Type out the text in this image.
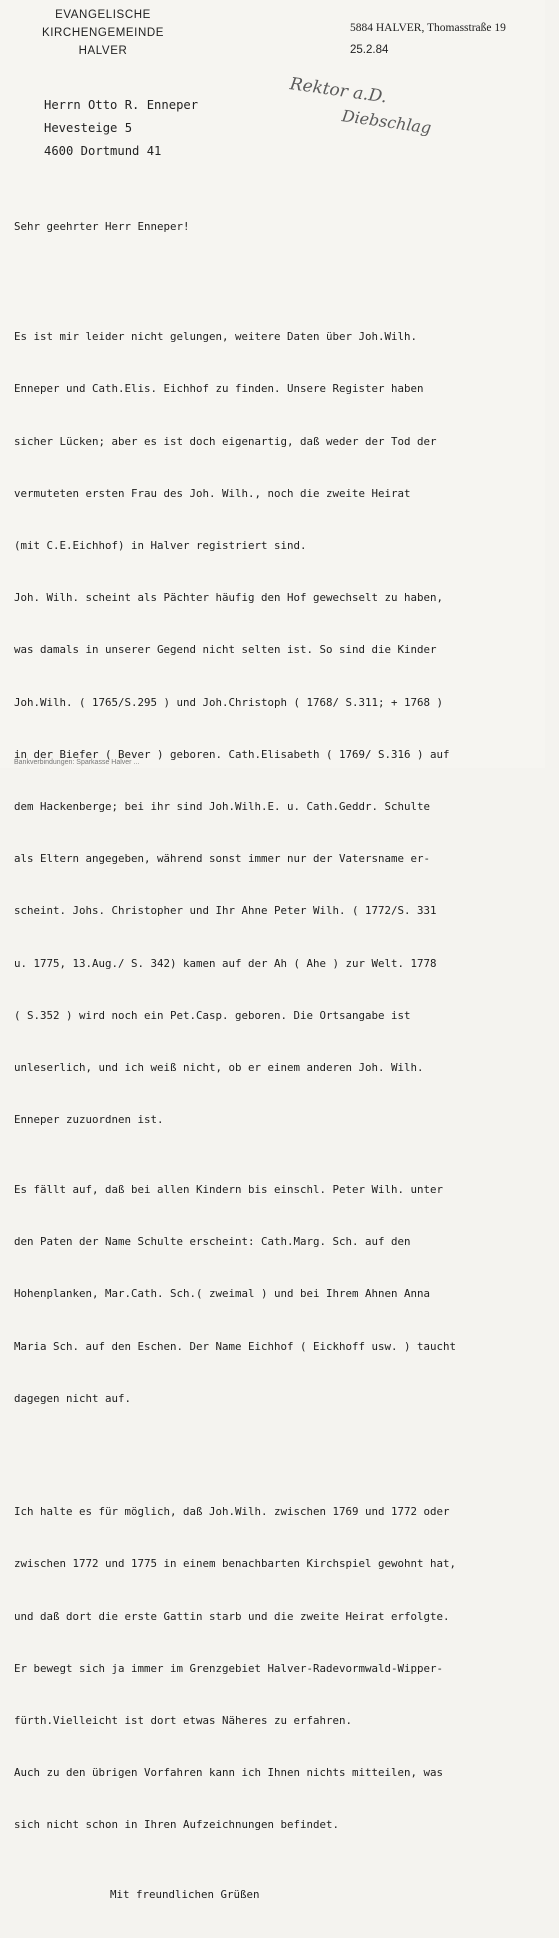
EVANGELISCHE
KIRCHENGEMEINDE
HALVER
5884 HALVER, Thomasstraße 19
25.2.84
Rektor a.D.
Diebschlag
Herrn Otto R. Enneper
Hevesteige 5
4600 Dortmund 41

Sehr geehrter Herr Enneper!

Es ist mir leider nicht gelungen, weitere Daten über Joh.Wilh.

Enneper und Cath.Elis. Eichhof zu finden. Unsere Register haben

sicher Lücken; aber es ist doch eigenartig, daß weder der Tod der

vermuteten ersten Frau des Joh. Wilh., noch die zweite Heirat

(mit C.E.Eichhof) in Halver registriert sind.

Joh. Wilh. scheint als Pächter häufig den Hof gewechselt zu haben,

was damals in unserer Gegend nicht selten ist. So sind die Kinder

Joh.Wilh. ( 1765/S.295 ) und Joh.Christoph ( 1768/ S.311; + 1768 )

in der Biefer ( Bever ) geboren. Cath.Elisabeth ( 1769/ S.316 ) auf

dem Hackenberge; bei ihr sind Joh.Wilh.E. u. Cath.Geddr. Schulte

als Eltern angegeben, während sonst immer nur der Vatersname er-

scheint. Johs. Christopher und Ihr Ahne Peter Wilh. ( 1772/S. 331

u. 1775, 13.Aug./ S. 342) kamen auf der Ah ( Ahe ) zur Welt. 1778

( S.352 ) wird noch ein Pet.Casp. geboren. Die Ortsangabe ist

unleserlich, und ich weiß nicht, ob er einem anderen Joh. Wilh.

Enneper zuzuordnen ist.

Es fällt auf, daß bei allen Kindern bis einschl. Peter Wilh. unter

den Paten der Name Schulte erscheint: Cath.Marg. Sch. auf den

Hohenplanken, Mar.Cath. Sch.( zweimal ) und bei Ihrem Ahnen Anna

Maria Sch. auf den Eschen. Der Name Eichhof ( Eickhoff usw. ) taucht

dagegen nicht auf.

Ich halte es für möglich, daß Joh.Wilh. zwischen 1769 und 1772 oder

zwischen 1772 und 1775 in einem benachbarten Kirchspiel gewohnt hat,

und daß dort die erste Gattin starb und die zweite Heirat erfolgte.

Er bewegt sich ja immer im Grenzgebiet Halver-Radevormwald-Wipper-

fürth.Vielleicht ist dort etwas Näheres zu erfahren.

Auch zu den übrigen Vorfahren kann ich Ihnen nichts mitteilen, was

sich nicht schon in Ihren Aufzeichnungen befindet.

Mit freundlichen Grüßen

Bankverbindungen: Sparkasse Halver ...
